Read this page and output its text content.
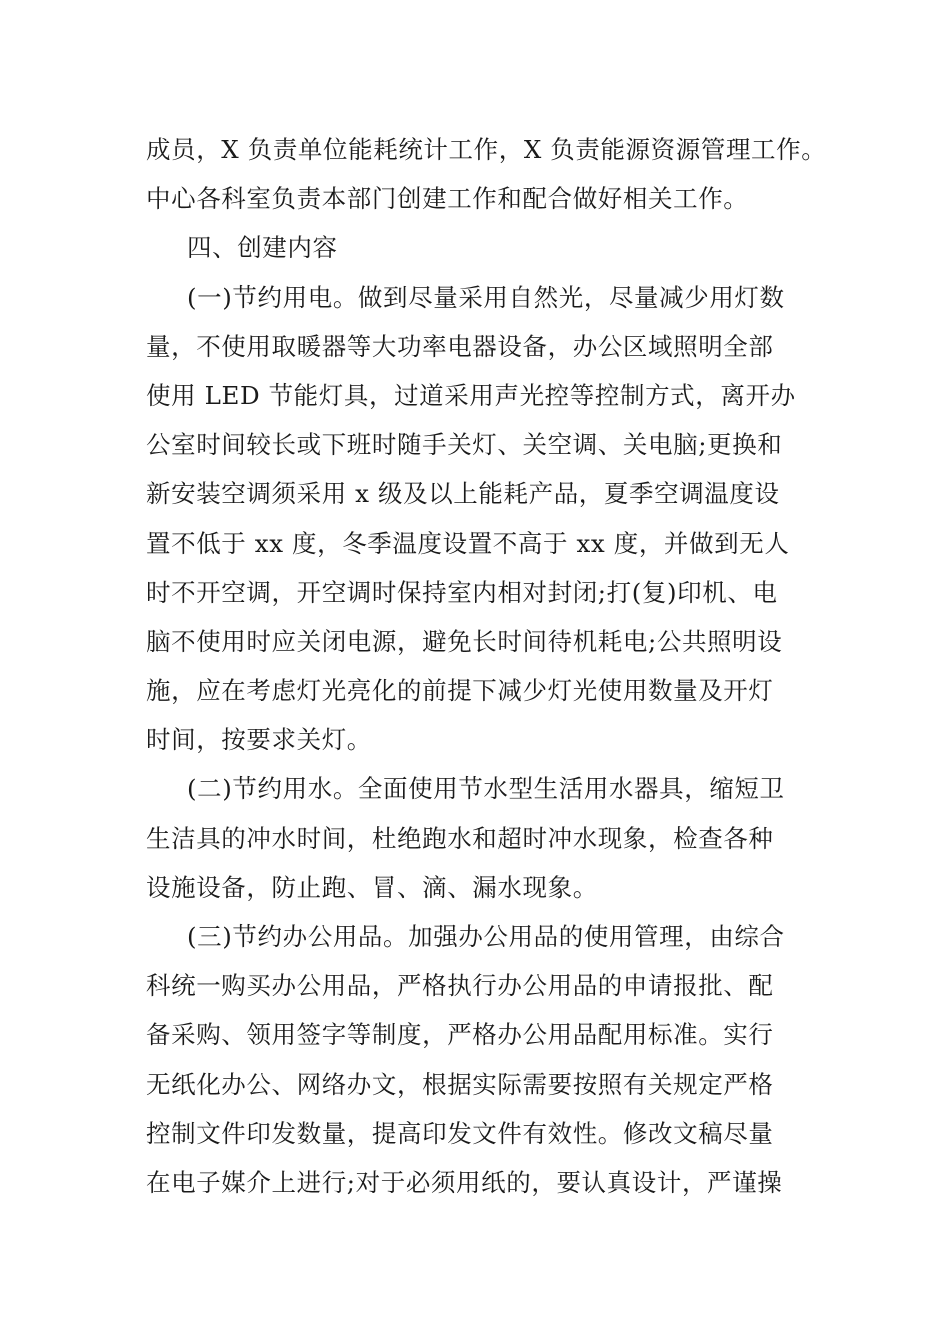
成员，X 负责单位能耗统计工作，X 负责能源资源管理工作。
中心各科室负责本部门创建工作和配合做好相关工作。

四、创建内容

(一)节约用电。做到尽量采用自然光，尽量减少用灯数
量，不使用取暖器等大功率电器设备，办公区域照明全部
使用 LED 节能灯具，过道采用声光控等控制方式，离开办
公室时间较长或下班时随手关灯、关空调、关电脑;更换和
新安装空调须采用 x 级及以上能耗产品，夏季空调温度设
置不低于 xx 度，冬季温度设置不高于 xx 度，并做到无人
时不开空调，开空调时保持室内相对封闭;打(复)印机、电
脑不使用时应关闭电源，避免长时间待机耗电;公共照明设
施，应在考虑灯光亮化的前提下减少灯光使用数量及开灯
时间，按要求关灯。

(二)节约用水。全面使用节水型生活用水器具，缩短卫
生洁具的冲水时间，杜绝跑水和超时冲水现象，检查各种
设施设备，防止跑、冒、滴、漏水现象。

(三)节约办公用品。加强办公用品的使用管理，由综合
科统一购买办公用品，严格执行办公用品的申请报批、配
备采购、领用签字等制度，严格办公用品配用标准。实行
无纸化办公、网络办文，根据实际需要按照有关规定严格
控制文件印发数量，提高印发文件有效性。修改文稿尽量
在电子媒介上进行;对于必须用纸的，要认真设计，严谨操
